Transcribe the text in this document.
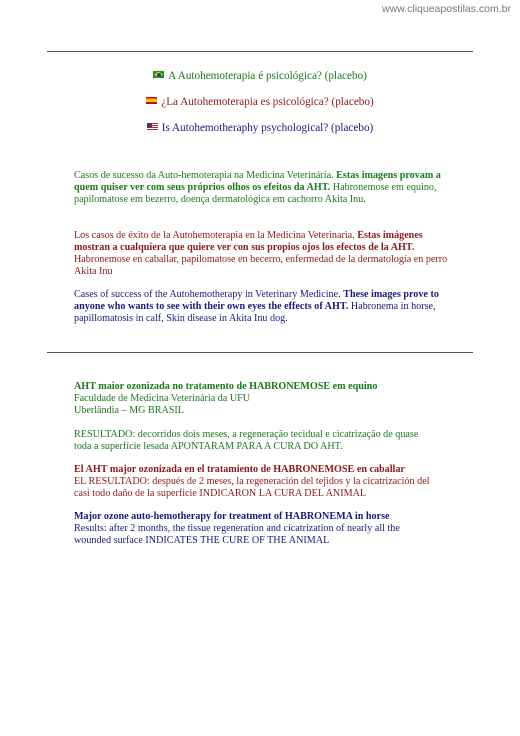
www.cliqueapostilas.com.br
A Autohemoterapia é psicológica? (placebo)
¿La Autohemoterapia es psicológica? (placebo)
Is Autohemotheraphy psychological? (placebo)
Casos de sucesso da Auto-hemoterapia na Medicina Veterinária. Estas imagens provam a quem quiser ver com seus próprios olhos os efeitos da AHT. Habronemose em equino, papilomatose em bezerro, doença dermatológica em cachorro Akita Inu.
Los casos de éxito de la Autohemoterapia en la Medicina Veterinaria. Estas imágenes mostran a cualquiera que quiere ver con sus propios ojos los efectos de la AHT. Habronemose en caballar, papilomatose en becerro, enfermedad de la dermatología en perro Akita Inu
Cases of success of the Autohemotherapy in Veterinary Medicine. These images prove to anyone who wants to see with their own eyes the effects of AHT. Habronema in horse, papillomatosis in calf, Skin disease in Akita Inu dog.
AHT maior ozonizada no tratamento de HABRONEMOSE em equino
Faculdade de Medicina Veterinária da UFU
Uberlândia – MG BRASIL
RESULTADO: decorridos dois meses, a regeneração tecidual e cicatrização de quase
toda a superfície lesada APONTARAM PARA A CURA DO AHT.
El AHT major ozonizada en el tratamiento de HABRONEMOSE en caballar
EL RESULTADO: después de 2 meses, la regeneración del tejidos y la cicatrización del
casi todo daño de la superficie INDICARON LA CURA DEL ANIMAL
Major ozone auto-hemotherapy for treatment of HABRONEMA in horse
Results: after 2 months, the tissue regeneration and cicatrization of nearly all the
wounded surface INDICATES THE CURE OF THE ANIMAL
